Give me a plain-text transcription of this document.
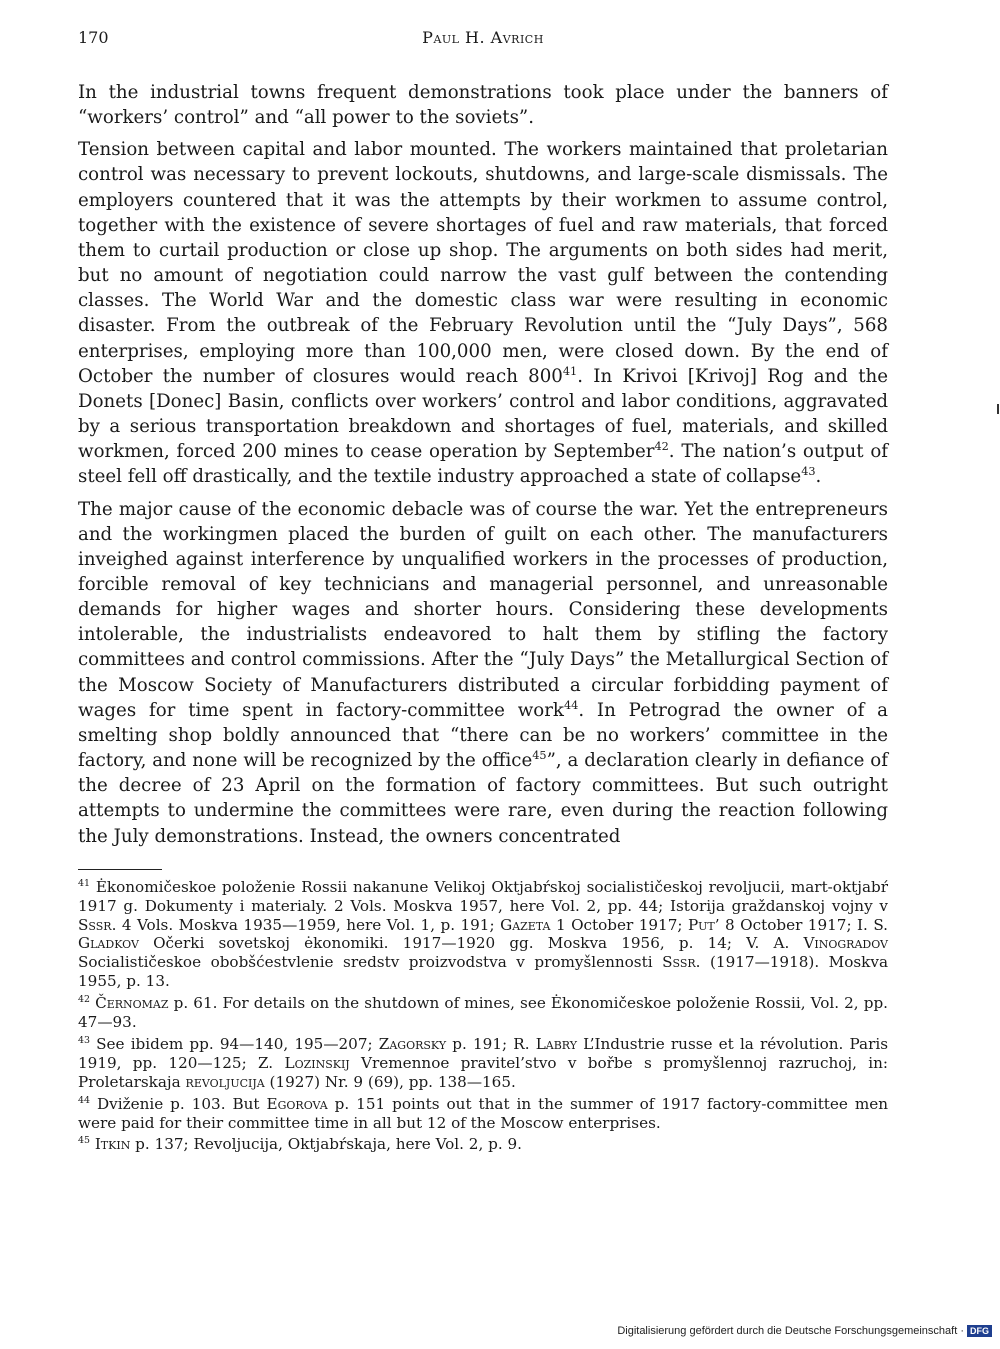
170	Paul H. Avrich

In the industrial towns frequent demonstrations took place under the banners of “workers’ control” and “all power to the soviets”.

Tension between capital and labor mounted. The workers maintained that proletarian control was necessary to prevent lockouts, shutdowns, and large-scale dismissals. The employers countered that it was the attempts by their workmen to assume control, together with the existence of severe shortages of fuel and raw materials, that forced them to curtail production or close up shop. The arguments on both sides had merit, but no amount of negotiation could narrow the vast gulf between the contending classes. The World War and the domestic class war were resulting in economic disaster. From the outbreak of the February Revolution until the “July Days”, 568 enterprises, employing more than 100,000 men, were closed down. By the end of October the number of closures would reach $800^{41}$. In Krivoi [Krivoj] Rog and the Donets [Donec] Basin, conflicts over workers’ control and labor conditions, aggravated by a serious transportation breakdown and shortages of fuel, materials, and skilled workmen, forced 200 mines to cease operation by September$^{42}$. The nation’s output of steel fell off drastically, and the textile industry approached a state of collapse$^{43}$.

The major cause of the economic debacle was of course the war. Yet the entrepreneurs and the workingmen placed the burden of guilt on each other. The manufacturers inveighed against interference by unqualified workers in the processes of production, forcible removal of key technicians and managerial personnel, and unreasonable demands for higher wages and shorter hours. Considering these developments intolerable, the industrialists endeavored to halt them by stifling the factory committees and control commissions. After the “July Days” the Metallurgical Section of the Moscow Society of Manufacturers distributed a circular forbidding payment of wages for time spent in factory-committee work$^{44}$. In Petrograd the owner of a smelting shop boldly announced that “there can be no workers’ committee in the factory, and none will be recognized by the office$^{45}$”, a declaration clearly in defiance of the decree of 23 April on the formation of factory committees. But such outright attempts to undermine the committees were rare, even during the reaction following the July demonstrations. Instead, the owners concentrated

$^{41}$ Ėkonomičeskoe položenie Rossii nakanune Velikoj Oktjabŕskoj socialističeskoj revoljucii, mart-oktjabŕ 1917 g. Dokumenty i materialy. 2 Vols. Moskva 1957, here Vol. 2, pp. 44; Istorija graždanskoj vojny v Sssr. 4 Vols. Moskva 1935—1959, here Vol. 1, p. 191; Gazeta 1 October 1917; Put’ 8 October 1917; I. S. Gladkov Očerki sovetskoj ėkonomiki. 1917—1920 gg. Moskva 1956, p. 14; V. A. Vinogradov Socialističeskoe obobšćestvlenie sredstv proizvodstva v promyšlennosti Sssr. (1917—1918). Moskva 1955, p. 13.

$^{42}$ Černomaz p. 61. For details on the shutdown of mines, see Ėkonomičeskoe položenie Rossii, Vol. 2, pp. 47—93.

$^{43}$ See ibidem pp. 94—140, 195—207; Zagorsky p. 191; R. Labry L’Industrie russe et la révolution. Paris 1919, pp. 120—125; Z. Lozinskij Vremennoe pravitel’stvo v bořbe s promyšlennoj razruchoj, in: Proletarskaja revoljucija (1927) Nr. 9 (69), pp. 138—165.

$^{44}$ Dviženie p. 103. But Egorova p. 151 points out that in the summer of 1917 factory-committee men were paid for their committee time in all but 12 of the Moscow enterprises.

$^{45}$ Itkin p. 137; Revoljucija, Oktjabŕskaja, here Vol. 2, p. 9.

Digitalisierung gefördert durch die Deutsche Forschungsgemeinschaft · DFG
